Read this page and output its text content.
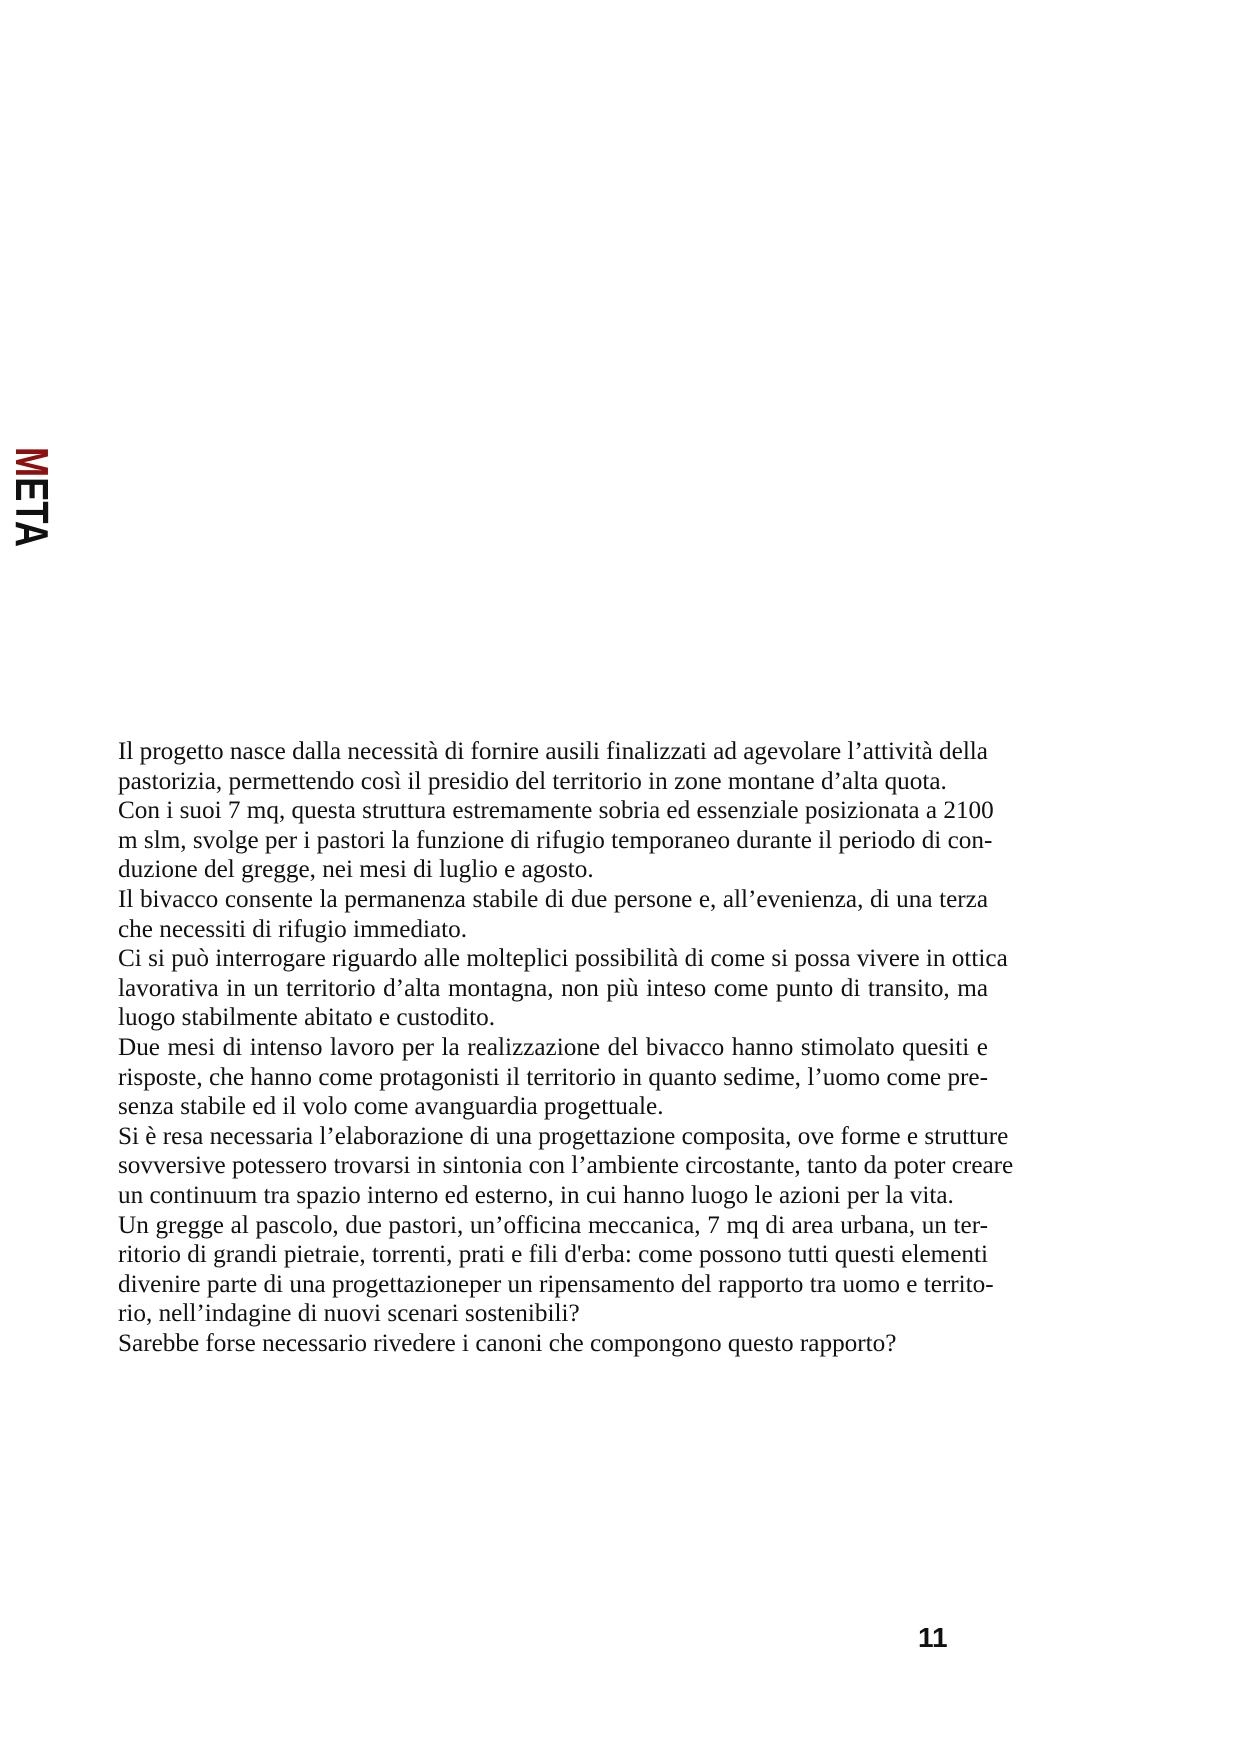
META
Il progetto nasce dalla necessità di fornire ausili finalizzati ad agevolare l’attività della
pastorizia, permettendo così il presidio del territorio in zone montane d’alta quota.
Con i suoi 7 mq, questa struttura estremamente sobria ed essenziale posizionata a 2100
m slm, svolge per i pastori la funzione di rifugio temporaneo durante il periodo di con-
duzione del gregge, nei mesi di luglio e agosto.
Il bivacco consente la permanenza stabile di due persone e, all’evenienza, di una terza
che necessiti di rifugio immediato.
Ci si può interrogare riguardo alle molteplici possibilità di come si possa vivere in ottica
lavorativa in un territorio d’alta montagna, non più inteso come punto di transito, ma
luogo stabilmente abitato e custodito.
Due mesi di intenso lavoro per la realizzazione del bivacco hanno stimolato quesiti e
risposte, che hanno come protagonisti il territorio in quanto sedime, l’uomo come pre-
senza stabile ed il volo come avanguardia progettuale.
Si è resa necessaria l’elaborazione di una progettazione composita, ove forme e strutture
sovversive potessero trovarsi in sintonia con l’ambiente circostante, tanto da poter creare
un continuum tra spazio interno ed esterno, in cui hanno luogo le azioni per la vita.
Un gregge al pascolo, due pastori, un’officina meccanica, 7 mq di area urbana, un ter-
ritorio di grandi pietraie, torrenti, prati e fili d'erba: come possono tutti questi elementi
divenire parte di una progettazioneper un ripensamento del rapporto tra uomo e territo-
rio, nell’indagine di nuovi scenari sostenibili?
Sarebbe forse necessario rivedere i canoni che compongono questo rapporto?
11
